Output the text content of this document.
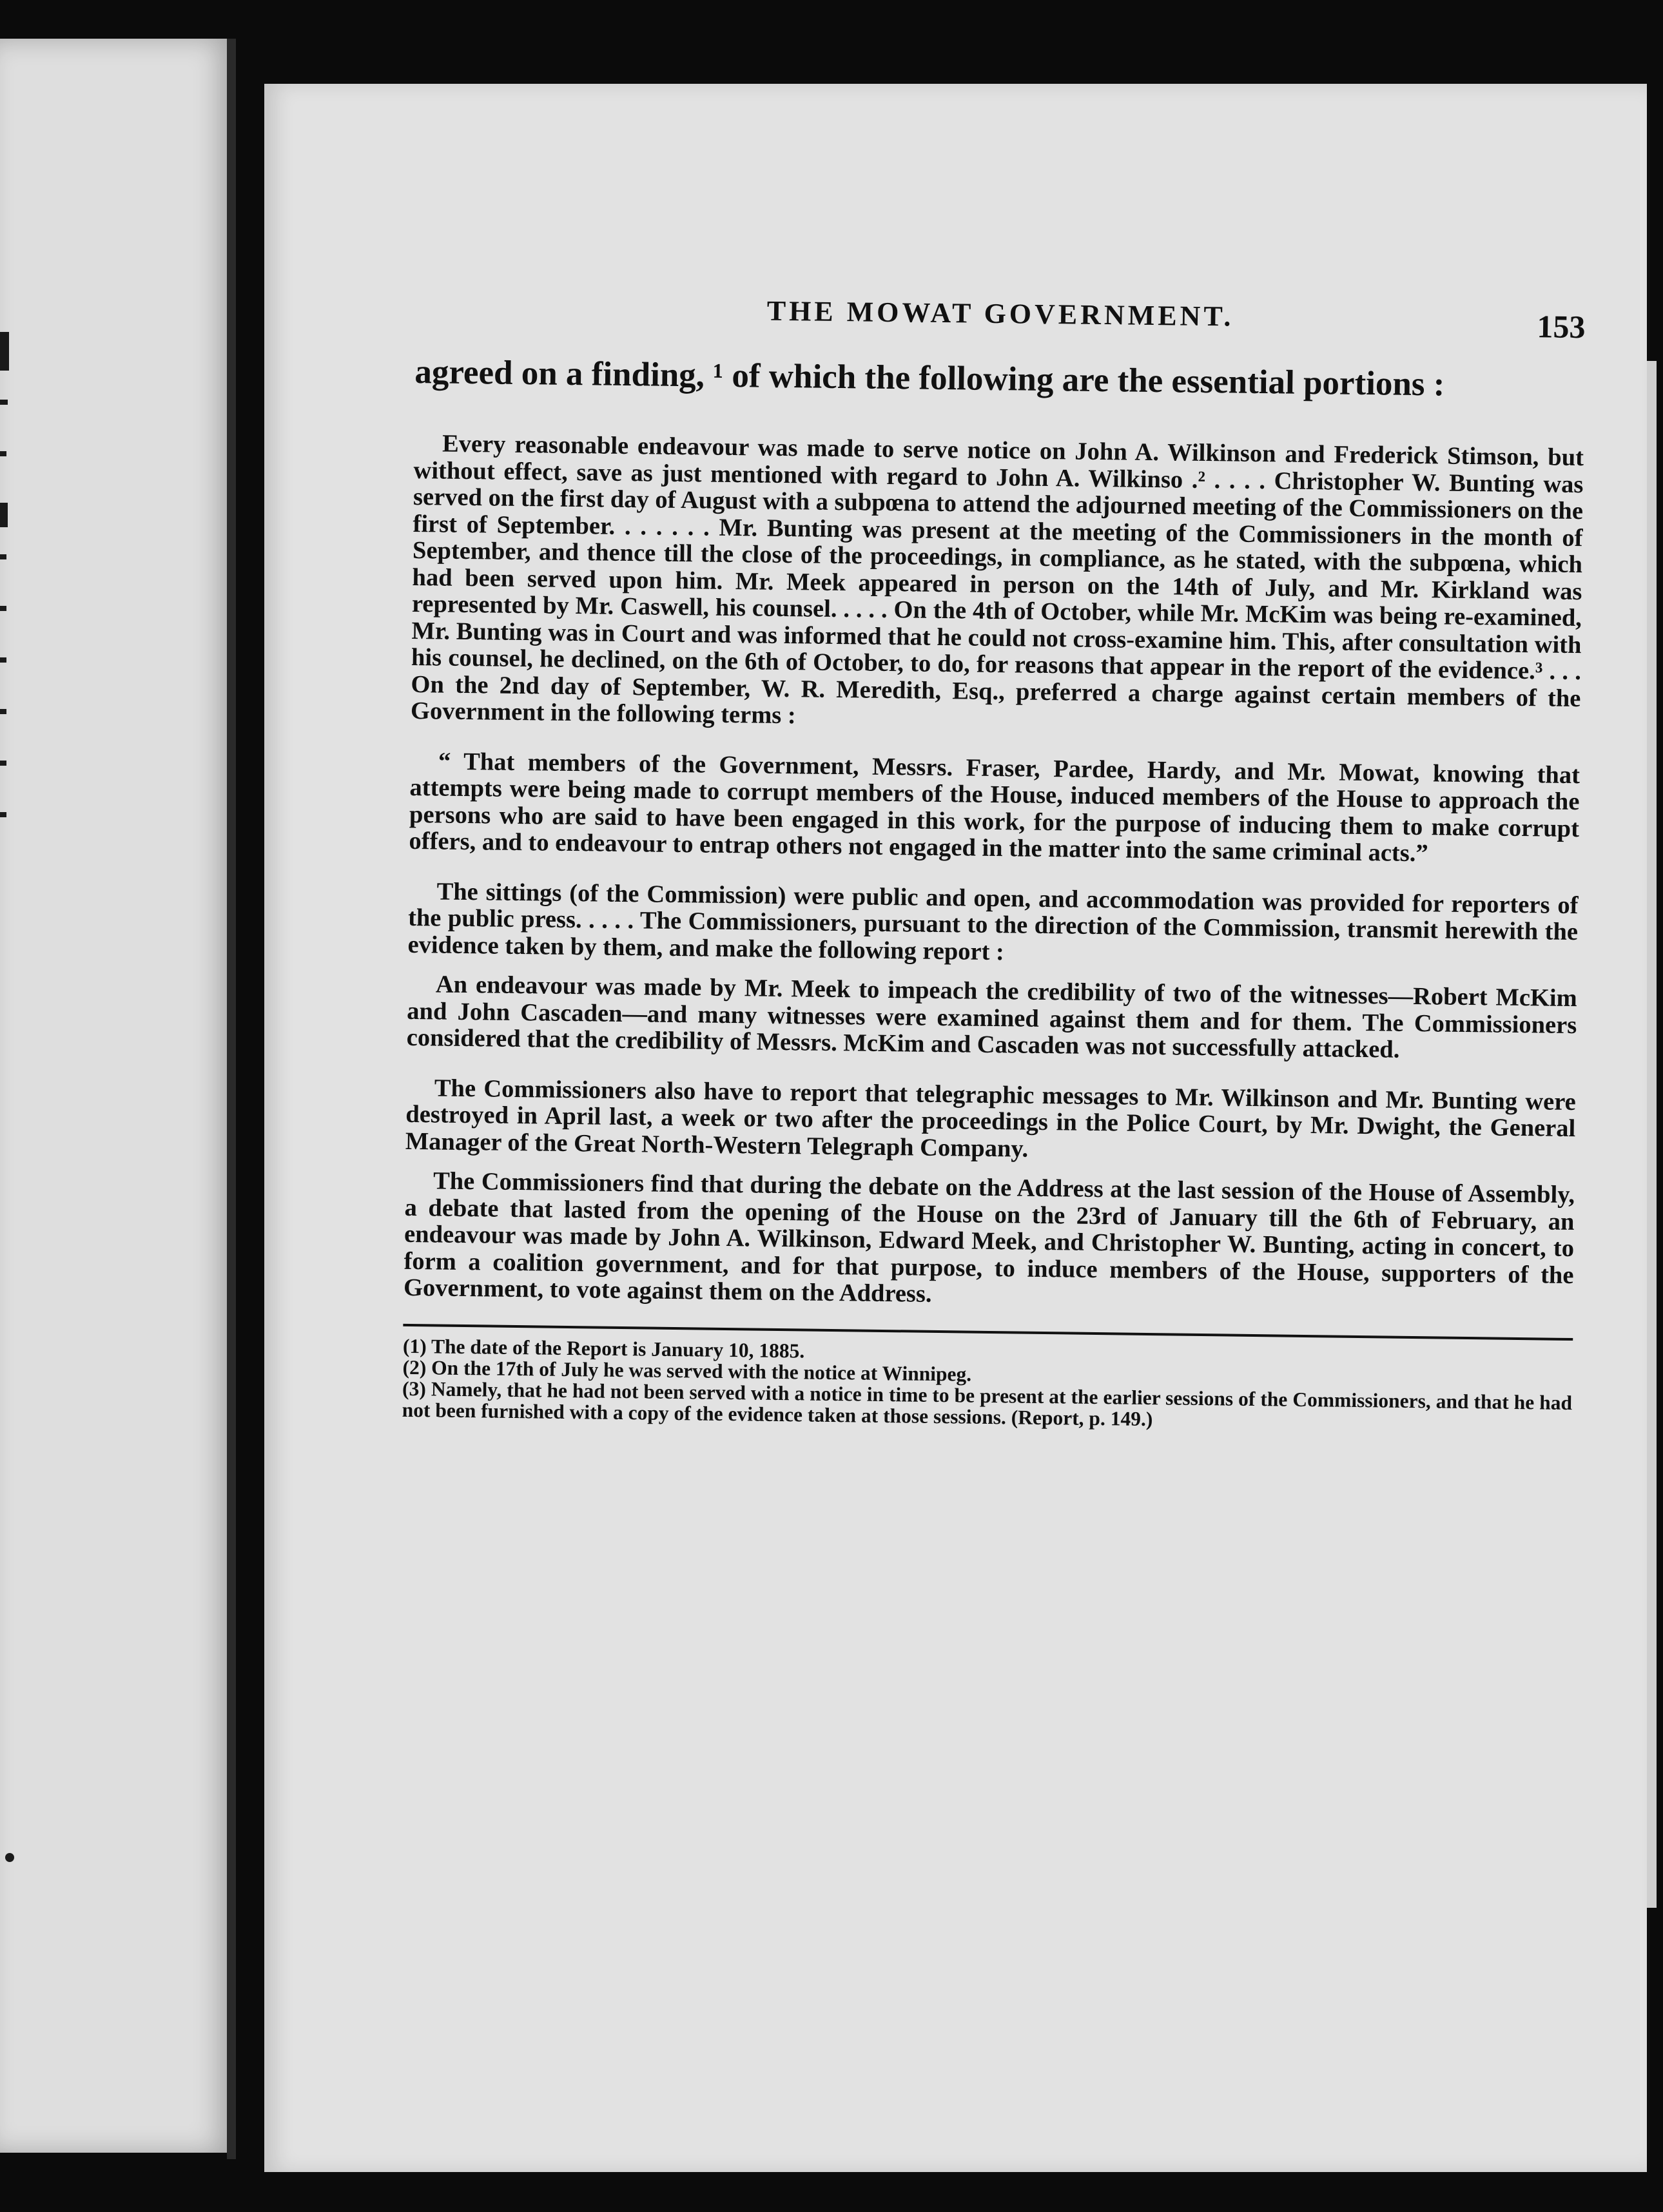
THE MOWAT GOVERNMENT.	153

agreed on a finding, ¹ of which the following are the essential portions :

Every reasonable endeavour was made to serve notice on John A. Wilkinson and Frederick Stimson, but without effect, save as just mentioned with regard to John A. Wilkinso .² . . . . Christopher W. Bunting was served on the first day of August with a subpœna to attend the adjourned meeting of the Commissioners on the first of September. . . . . . . Mr. Bunting was present at the meeting of the Commissioners in the month of September, and thence till the close of the proceedings, in compliance, as he stated, with the subpœna, which had been served upon him. Mr. Meek appeared in person on the 14th of July, and Mr. Kirkland was represented by Mr. Caswell, his counsel. . . . . On the 4th of October, while Mr. McKim was being re-examined, Mr. Bunting was in Court and was informed that he could not cross-examine him. This, after consultation with his counsel, he declined, on the 6th of October, to do, for reasons that appear in the report of the evidence.³ . . . On the 2nd day of September, W. R. Meredith, Esq., preferred a charge against certain members of the Government in the following terms :

“ That members of the Government, Messrs. Fraser, Pardee, Hardy, and Mr. Mowat, knowing that attempts were being made to corrupt members of the House, induced members of the House to approach the persons who are said to have been engaged in this work, for the purpose of inducing them to make corrupt offers, and to endeavour to entrap others not engaged in the matter into the same criminal acts.”

The sittings (of the Commission) were public and open, and accommodation was provided for reporters of the public press. . . . . The Commissioners, pursuant to the direction of the Commission, transmit herewith the evidence taken by them, and make the following report :

An endeavour was made by Mr. Meek to impeach the credibility of two of the witnesses—Robert McKim and John Cascaden—and many witnesses were examined against them and for them. The Commissioners considered that the credibility of Messrs. McKim and Cascaden was not successfully attacked.

The Commissioners also have to report that telegraphic messages to Mr. Wilkinson and Mr. Bunting were destroyed in April last, a week or two after the proceedings in the Police Court, by Mr. Dwight, the General Manager of the Great North-Western Telegraph Company.

The Commissioners find that during the debate on the Address at the last session of the House of Assembly, a debate that lasted from the opening of the House on the 23rd of January till the 6th of February, an endeavour was made by John A. Wilkinson, Edward Meek, and Christopher W. Bunting, acting in concert, to form a coalition government, and for that purpose, to induce members of the House, supporters of the Government, to vote against them on the Address.

(1) The date of the Report is January 10, 1885.

(2) On the 17th of July he was served with the notice at Winnipeg.

(3) Namely, that he had not been served with a notice in time to be present at the earlier sessions of the Commissioners, and that he had not been furnished with a copy of the evidence taken at those sessions. (Report, p. 149.)
